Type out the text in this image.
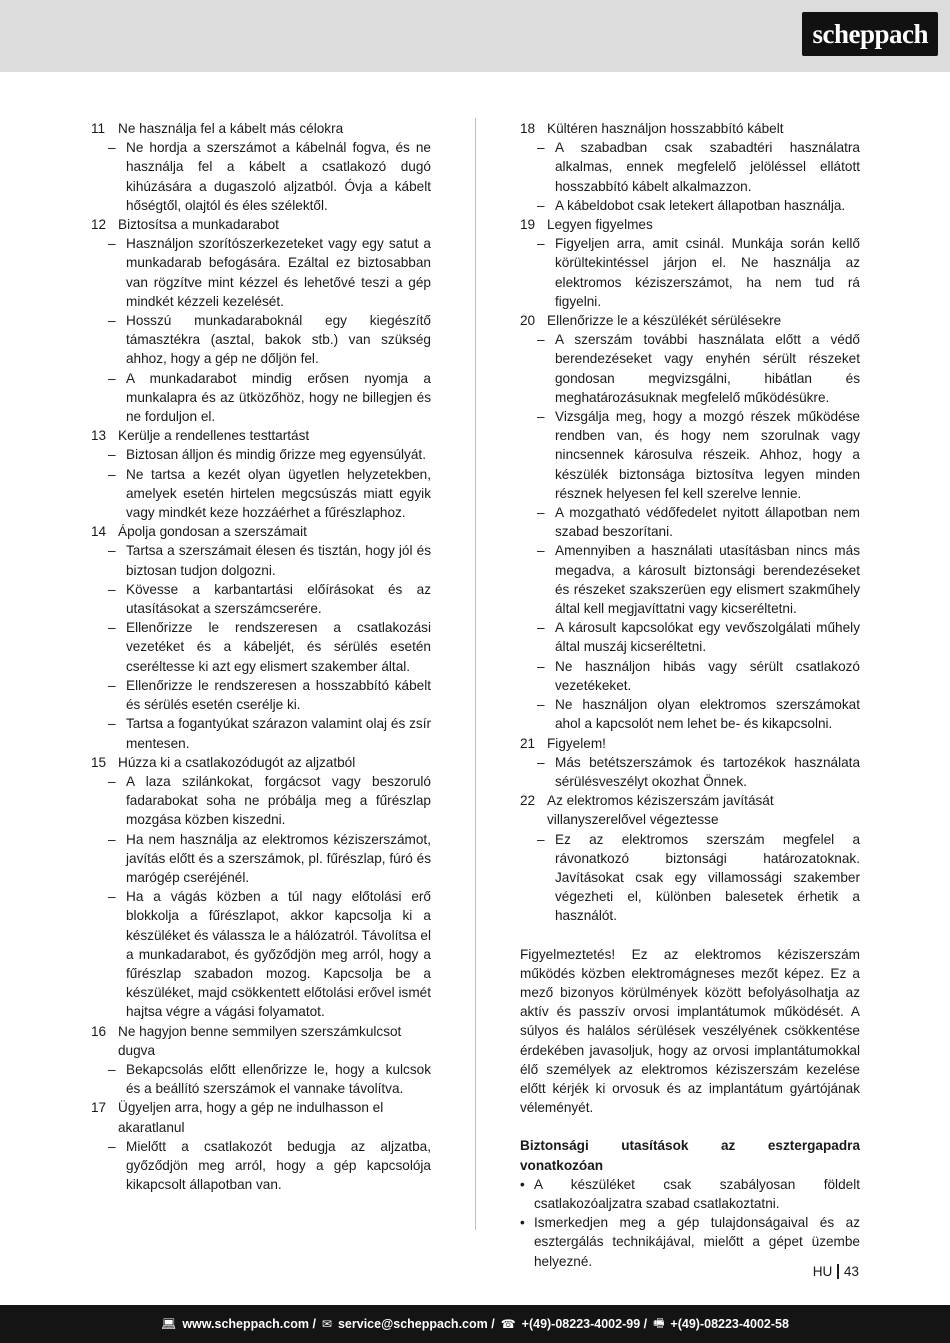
scheppach
11 Ne használja fel a kábelt más célokra
– Ne hordja a szerszámot a kábelnál fogva, és ne használja fel a kábelt a csatlakozó dugó kihúzására a dugaszoló aljzatból. Óvja a kábelt hőségtől, olajtól és éles szélektől.
12 Biztosítsa a munkadarabot
– Használjon szorítószerkezeteket vagy egy satut a munkadarab befogására. Ezáltal ez biztosabban van rögzítve mint kézzel és lehetővé teszi a gép mindkét kézzeli kezelését.
– Hosszú munkadaraboknál egy kiegészítő támasztékra (asztal, bakok stb.) van szükség ahhoz, hogy a gép ne dőljön fel.
– A munkadarabot mindig erősen nyomja a munkalapra és az ütközőhöz, hogy ne billegjen és ne forduljon el.
13 Kerülje a rendellenes testtartást
– Biztosan álljon és mindig őrizze meg egyensúlyát.
– Ne tartsa a kezét olyan ügyetlen helyzetekben, amelyek esetén hirtelen megcsúszás miatt egyik vagy mindkét keze hozzáérhet a fűrészlaphoz.
14 Ápolja gondosan a szerszámait
– Tartsa a szerszámait élesen és tisztán, hogy jól és biztosan tudjon dolgozni.
– Kövesse a karbantartási előírásokat és az utasításokat a szerszámcserére.
– Ellenőrizze le rendszeresen a csatlakozási vezetéket és a kábeljét, és sérülés esetén cseréltesse ki azt egy elismert szakember által.
– Ellenőrizze le rendszeresen a hosszabbító kábelt és sérülés esetén cserélje ki.
– Tartsa a fogantyúkat szárazon valamint olaj és zsír mentesen.
15 Húzza ki a csatlakozódugót az aljzatból
– A laza szilánkokat, forgácsot vagy beszoruló fadarabokat soha ne próbálja meg a fűrészlap mozgása közben kiszedni.
– Ha nem használja az elektromos kéziszerszámot, javítás előtt és a szerszámok, pl. fűrészlap, fúró és marógép cseréjénél.
– Ha a vágás közben a túl nagy előtolási erő blokkolja a fűrészlapot, akkor kapcsolja ki a készüléket és válassza le a hálózatról. Távolítsa el a munkadarabot, és győződjön meg arról, hogy a fűrészlap szabadon mozog. Kapcsolja be a készüléket, majd csökkentett előtolási erővel ismét hajtsa végre a vágási folyamatot.
16 Ne hagyjon benne semmilyen szerszámkulcsot dugva
– Bekapcsolás előtt ellenőrizze le, hogy a kulcsok és a beállító szerszámok el vannake távolítva.
17 Ügyeljen arra, hogy a gép ne indulhasson el akaratlanul
– Mielőtt a csatlakozót bedugja az aljzatba, győződjön meg arról, hogy a gép kapcsolója kikapcsolt állapotban van.
18 Kültéren használjon hosszabbító kábelt
– A szabadban csak szabadtéri használatra alkalmas, ennek megfelelő jelöléssel ellátott hosszabbító kábelt alkalmazzon.
– A kábeldobot csak letekert állapotban használja.
19 Legyen figyelmes
– Figyeljen arra, amit csinál. Munkája során kellő körültekintéssel járjon el. Ne használja az elektromos kéziszerszámot, ha nem tud rá figyelni.
20 Ellenőrizze le a készülékét sérülésekre
– A szerszám további használata előtt a védő berendezéseket vagy enyhén sérült részeket gondosan megvizsgálni, hibátlan és meghatározásuknak megfelelő működésükre.
– Vizsgálja meg, hogy a mozgó részek működése rendben van, és hogy nem szorulnak vagy nincsennek károsulva részeik. Ahhoz, hogy a készülék biztonsága biztosítva legyen minden résznek helyesen fel kell szerelve lennie.
– A mozgatható védőfedelet nyitott állapotban nem szabad beszorítani.
– Amennyiben a használati utasításban nincs más megadva, a károsult biztonsági berendezéseket és részeket szakszerüen egy elismert szakműhely által kell megjavíttatni vagy kicseréltetni.
– A károsult kapcsolókat egy vevőszolgálati műhely által muszáj kicseréltetni.
– Ne használjon hibás vagy sérült csatlakozó vezetékeket.
– Ne használjon olyan elektromos szerszámokat ahol a kapcsolót nem lehet be- és kikapcsolni.
21 Figyelem!
– Más betétszerszámok és tartozékok használata sérülésveszélyt okozhat Önnek.
22 Az elektromos kéziszerszám javítását villanyszerelővel végeztesse
– Ez az elektromos szerszám megfelel a rávonatkozó biztonsági határozatoknak. Javításokat csak egy villamossági szakember végezheti el, különben balesetek érhetik a használót.
Figyelmeztetés! Ez az elektromos kéziszerszám működés közben elektromágneses mezőt képez. Ez a mező bizonyos körülmények között befolyásolhatja az aktív és passzív orvosi implantátumok működését. A súlyos és halálos sérülések veszélyének csökkentése érdekében javasoljuk, hogy az orvosi implantátumokkal élő személyek az elektromos kéziszerszám kezelése előtt kérjék ki orvosuk és az implantátum gyártójának véleményét.
Biztonsági utasítások az esztergapadra vonatkozóan
• A készüléket csak szabályosan földelt csatlakozóaljzatra szabad csatlakoztatni.
• Ismerkedjen meg a gép tulajdonságaival és az esztergálás technikájával, mielőtt a gépet üzembe helyezné.
HU 43
💻︎ www.scheppach.com / ✉︎ service@scheppach.com / ☎︎ +(49)-08223-4002-99 / 🖷︎ +(49)-08223-4002-58
